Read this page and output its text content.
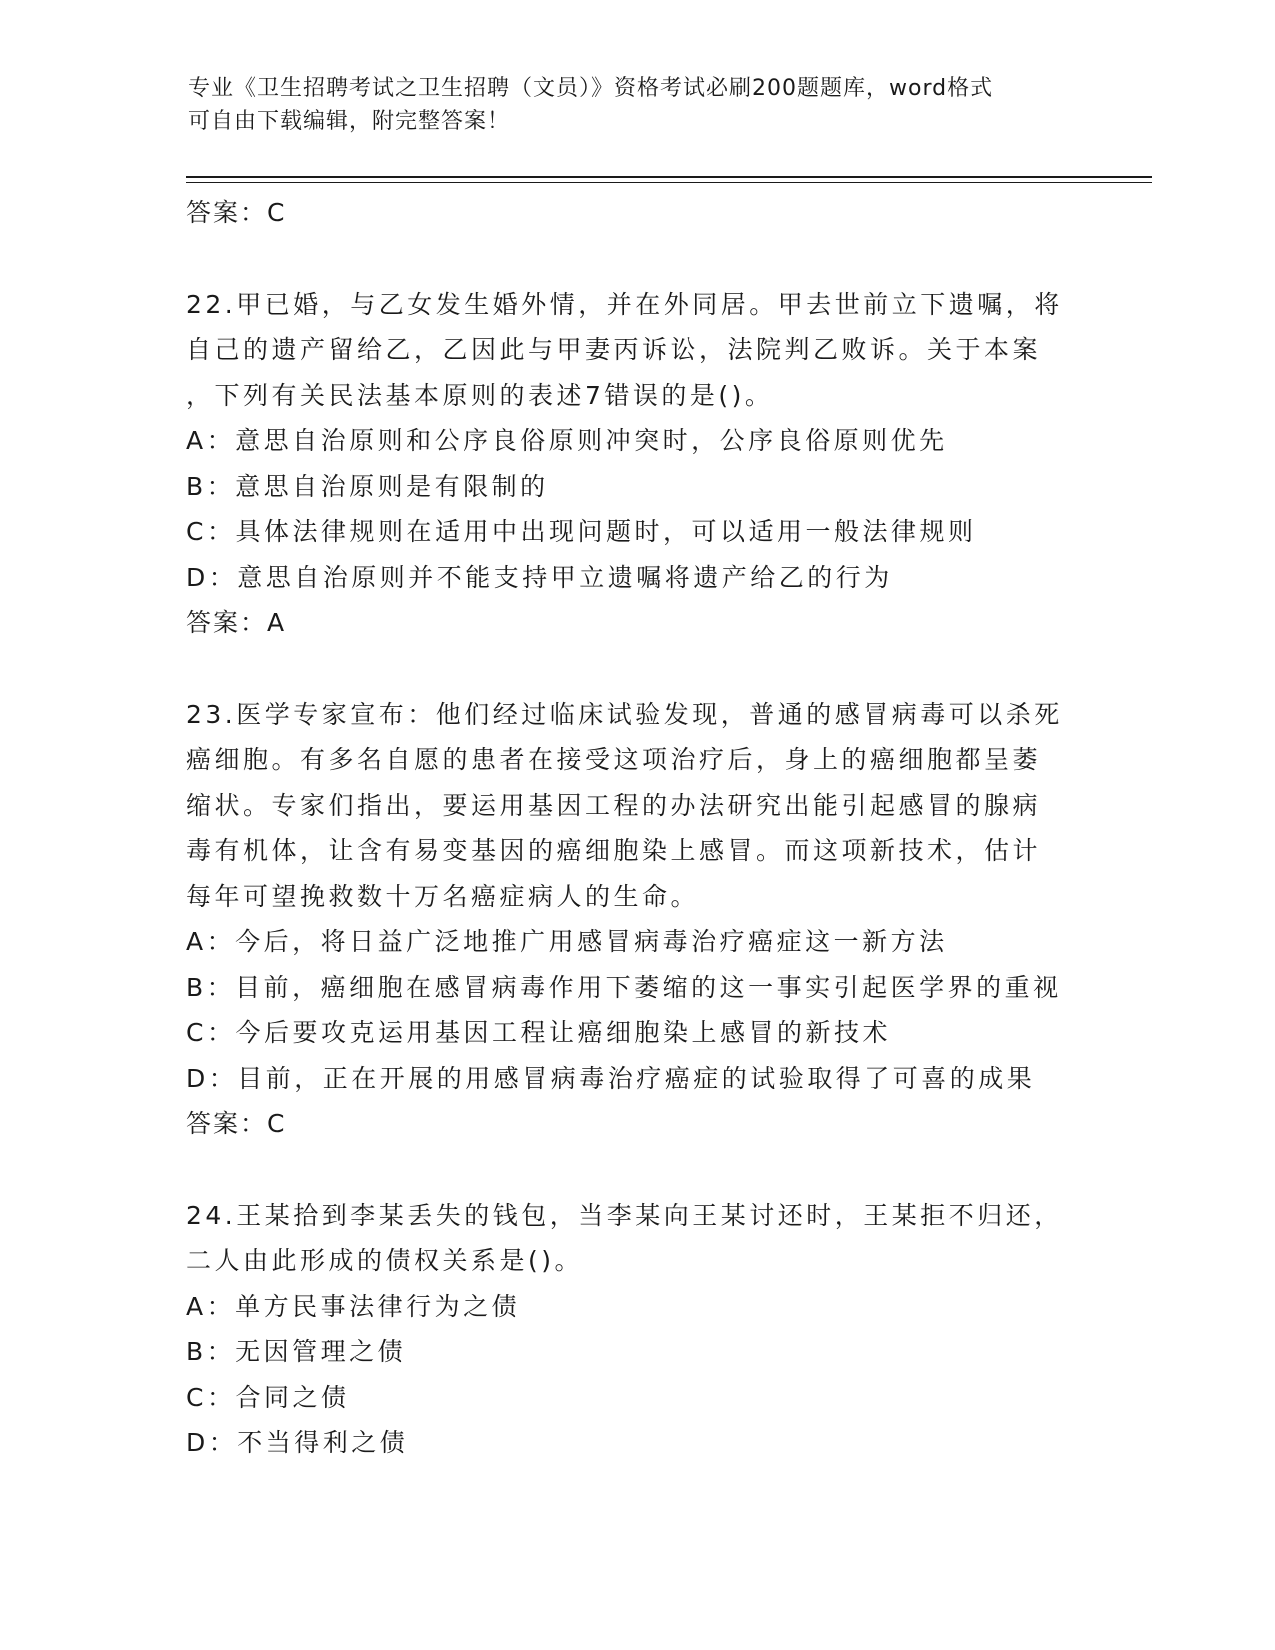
专业《卫生招聘考试之卫生招聘（文员）》资格考试必刷200题题库，word格式
可自由下载编辑，附完整答案！
答案：C
22.甲已婚，与乙女发生婚外情，并在外同居。甲去世前立下遗嘱，将
自己的遗产留给乙，乙因此与甲妻丙诉讼，法院判乙败诉。关于本案
，下列有关民法基本原则的表述7错误的是()。
A：意思自治原则和公序良俗原则冲突时，公序良俗原则优先
B：意思自治原则是有限制的
C：具体法律规则在适用中出现问题时，可以适用一般法律规则
D：意思自治原则并不能支持甲立遗嘱将遗产给乙的行为
答案：A
23.医学专家宣布：他们经过临床试验发现，普通的感冒病毒可以杀死
癌细胞。有多名自愿的患者在接受这项治疗后，身上的癌细胞都呈萎
缩状。专家们指出，要运用基因工程的办法研究出能引起感冒的腺病
毒有机体，让含有易变基因的癌细胞染上感冒。而这项新技术，估计
每年可望挽救数十万名癌症病人的生命。
A：今后，将日益广泛地推广用感冒病毒治疗癌症这一新方法
B：目前，癌细胞在感冒病毒作用下萎缩的这一事实引起医学界的重视
C：今后要攻克运用基因工程让癌细胞染上感冒的新技术
D：目前，正在开展的用感冒病毒治疗癌症的试验取得了可喜的成果
答案：C
24.王某拾到李某丢失的钱包，当李某向王某讨还时，王某拒不归还，
二人由此形成的债权关系是()。
A：单方民事法律行为之债
B：无因管理之债
C：合同之债
D：不当得利之债
